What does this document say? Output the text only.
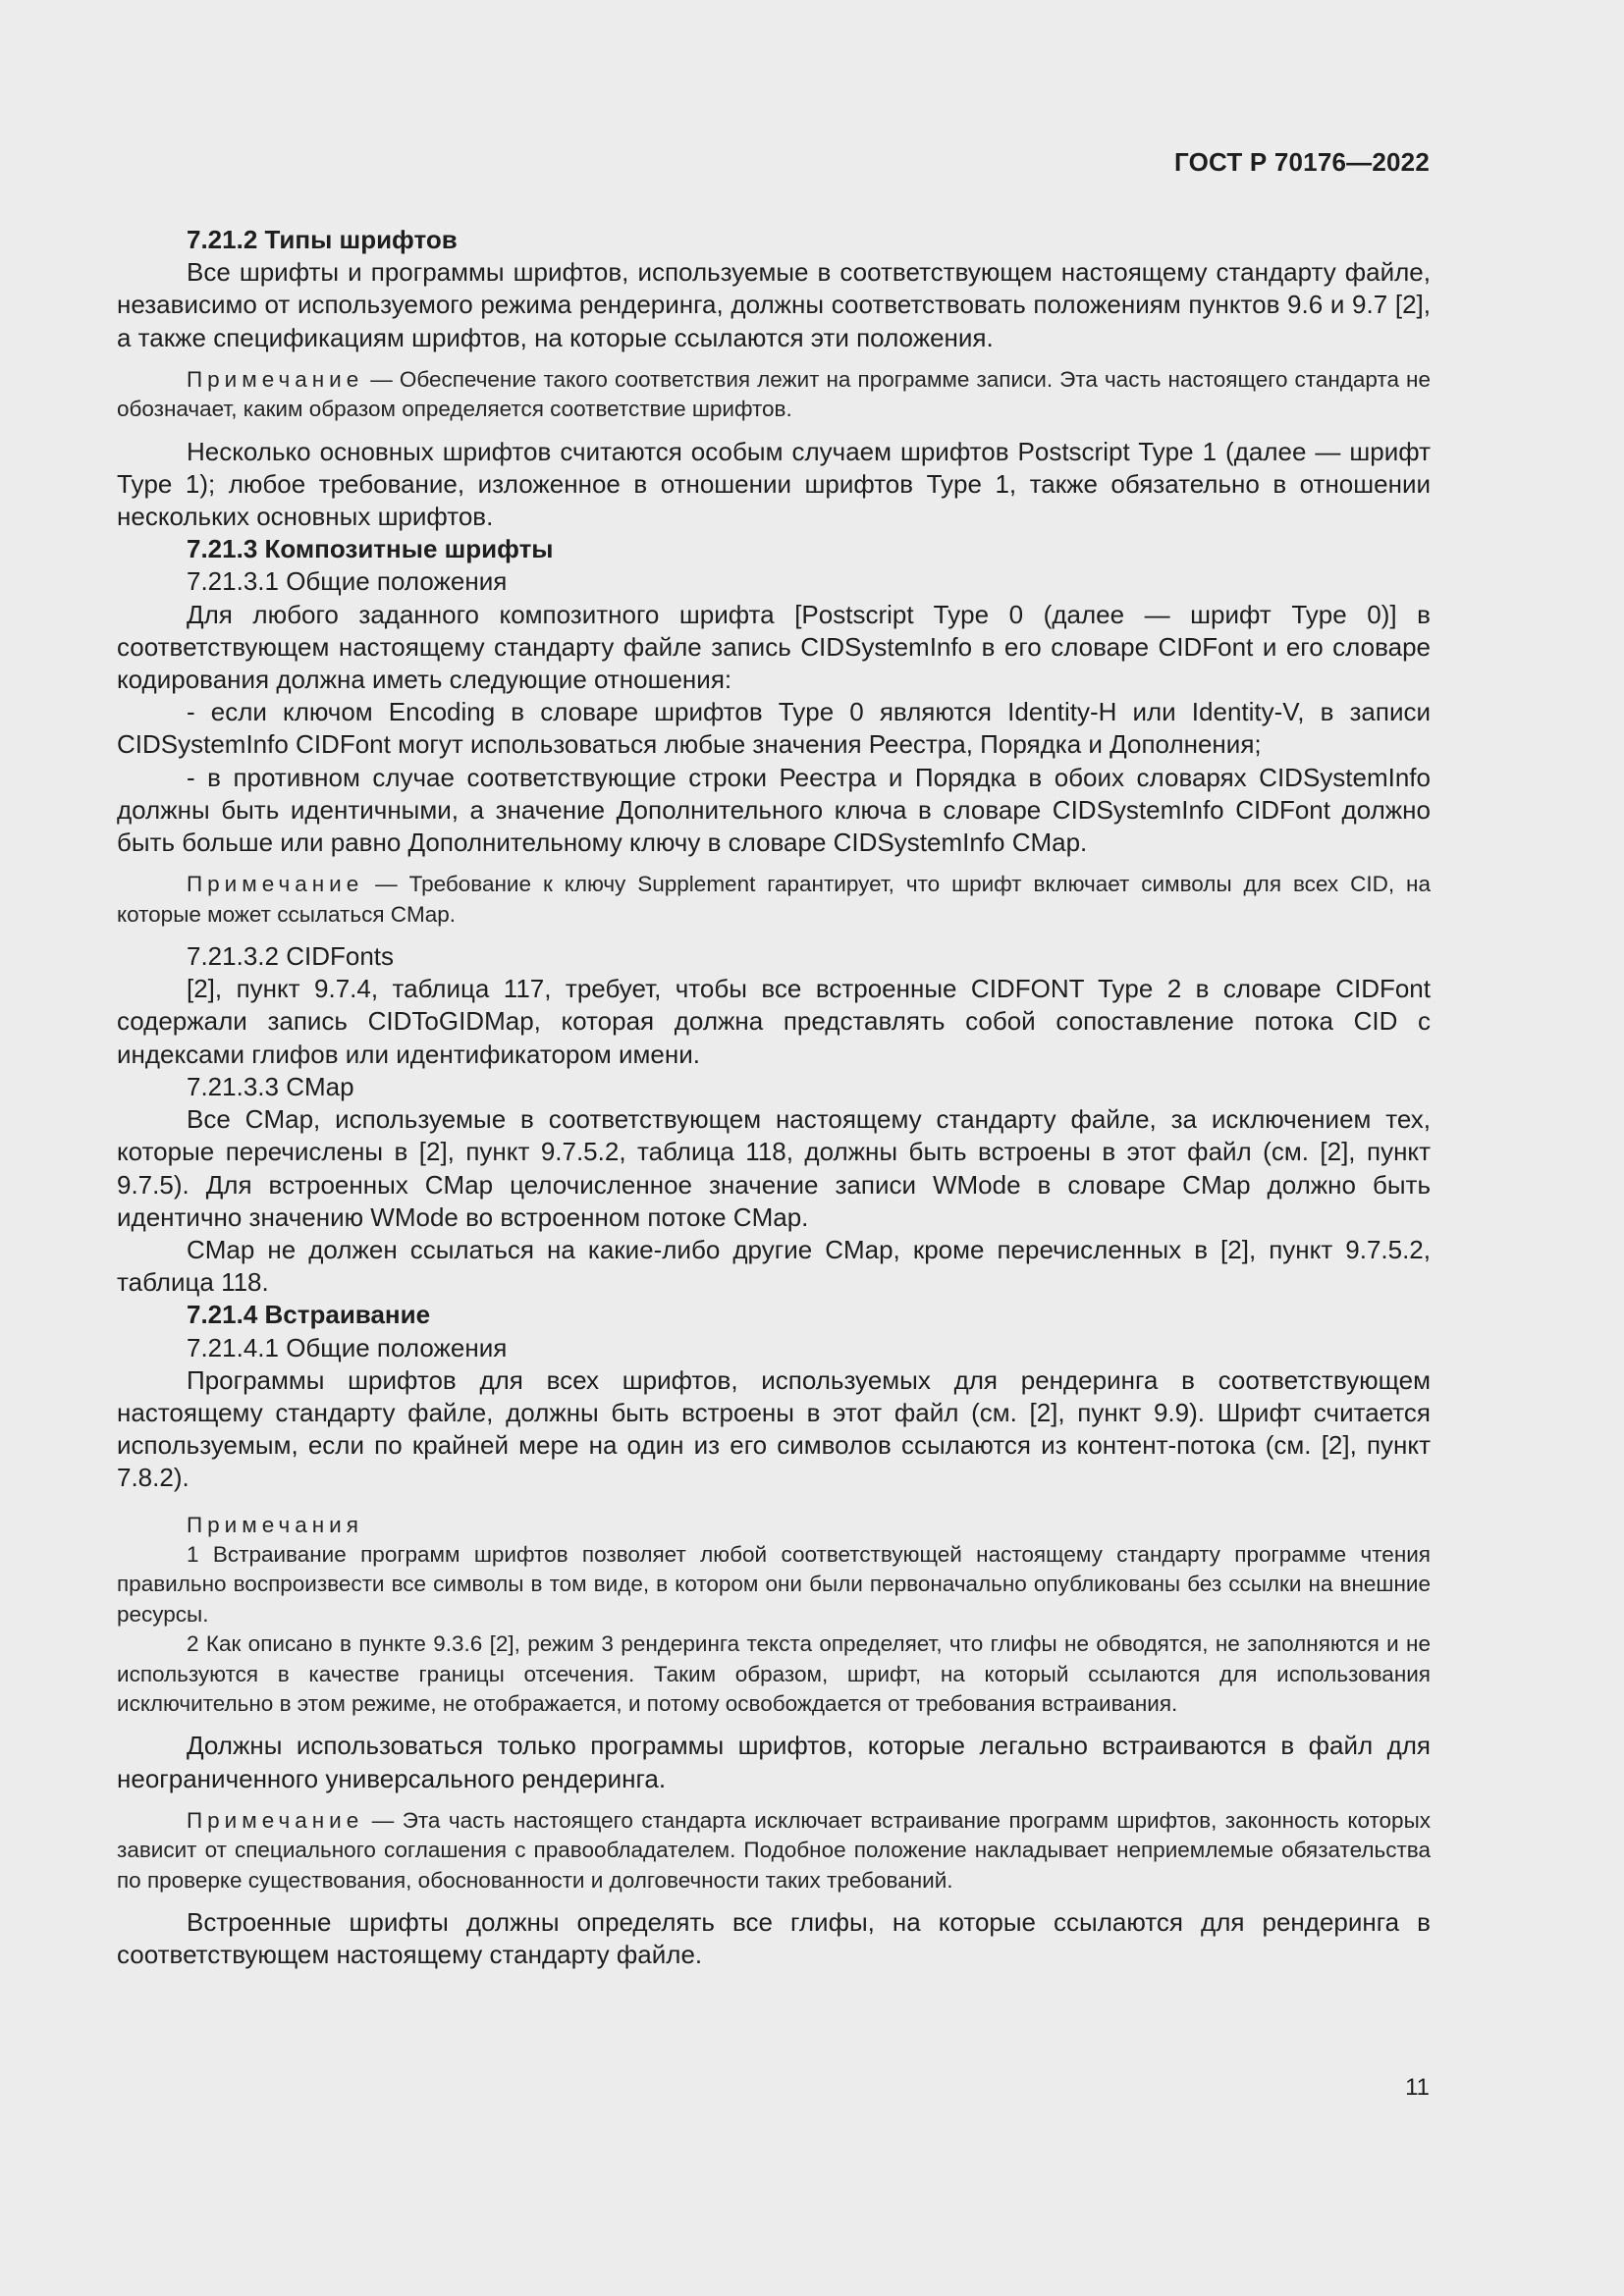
ГОСТ Р 70176—2022

7.21.2 Типы шрифтов

Все шрифты и программы шрифтов, используемые в соответствующем настоящему стандарту файле, независимо от используемого режима рендеринга, должны соответствовать положениям пунктов 9.6 и 9.7 [2], а также спецификациям шрифтов, на которые ссылаются эти положения.

Примечание — Обеспечение такого соответствия лежит на программе записи. Эта часть настоящего стандарта не обозначает, каким образом определяется соответствие шрифтов.

Несколько основных шрифтов считаются особым случаем шрифтов Postscript Type 1 (далее — шрифт Type 1); любое требование, изложенное в отношении шрифтов Type 1, также обязательно в отношении нескольких основных шрифтов.

7.21.3 Композитные шрифты

7.21.3.1 Общие положения

Для любого заданного композитного шрифта [Postscript Type 0 (далее — шрифт Type 0)] в соответствующем настоящему стандарту файле запись CIDSystemInfo в его словаре CIDFont и его словаре кодирования должна иметь следующие отношения:

- если ключом Encoding в словаре шрифтов Type 0 являются Identity-H или Identity-V, в записи CIDSystemInfo CIDFont могут использоваться любые значения Реестра, Порядка и Дополнения;

- в противном случае соответствующие строки Реестра и Порядка в обоих словарях CIDSystemInfo должны быть идентичными, а значение Дополнительного ключа в словаре CIDSystemInfo CIDFont должно быть больше или равно Дополнительному ключу в словаре CIDSystemInfo CMap.

Примечание — Требование к ключу Supplement гарантирует, что шрифт включает символы для всех CID, на которые может ссылаться CMap.

7.21.3.2 CIDFonts

[2], пункт 9.7.4, таблица 117, требует, чтобы все встроенные CIDFONT Type 2 в словаре CIDFont содержали запись CIDToGIDMap, которая должна представлять собой сопоставление потока CID с индексами глифов или идентификатором имени.

7.21.3.3 CMap

Все CMap, используемые в соответствующем настоящему стандарту файле, за исключением тех, которые перечислены в [2], пункт 9.7.5.2, таблица 118, должны быть встроены в этот файл (см. [2], пункт 9.7.5). Для встроенных CMap целочисленное значение записи WMode в словаре CMap должно быть идентично значению WMode во встроенном потоке CMap.

CMap не должен ссылаться на какие-либо другие CMap, кроме перечисленных в [2], пункт 9.7.5.2, таблица 118.

7.21.4 Встраивание

7.21.4.1 Общие положения

Программы шрифтов для всех шрифтов, используемых для рендеринга в соответствующем настоящему стандарту файле, должны быть встроены в этот файл (см. [2], пункт 9.9). Шрифт считается используемым, если по крайней мере на один из его символов ссылаются из контент-потока (см. [2], пункт 7.8.2).

Примечания

1 Встраивание программ шрифтов позволяет любой соответствующей настоящему стандарту программе чтения правильно воспроизвести все символы в том виде, в котором они были первоначально опубликованы без ссылки на внешние ресурсы.

2 Как описано в пункте 9.3.6 [2], режим 3 рендеринга текста определяет, что глифы не обводятся, не заполняются и не используются в качестве границы отсечения. Таким образом, шрифт, на который ссылаются для использования исключительно в этом режиме, не отображается, и потому освобождается от требования встраивания.

Должны использоваться только программы шрифтов, которые легально встраиваются в файл для неограниченного универсального рендеринга.

Примечание — Эта часть настоящего стандарта исключает встраивание программ шрифтов, законность которых зависит от специального соглашения с правообладателем. Подобное положение накладывает неприемлемые обязательства по проверке существования, обоснованности и долговечности таких требований.

Встроенные шрифты должны определять все глифы, на которые ссылаются для рендеринга в соответствующем настоящему стандарту файле.

11
